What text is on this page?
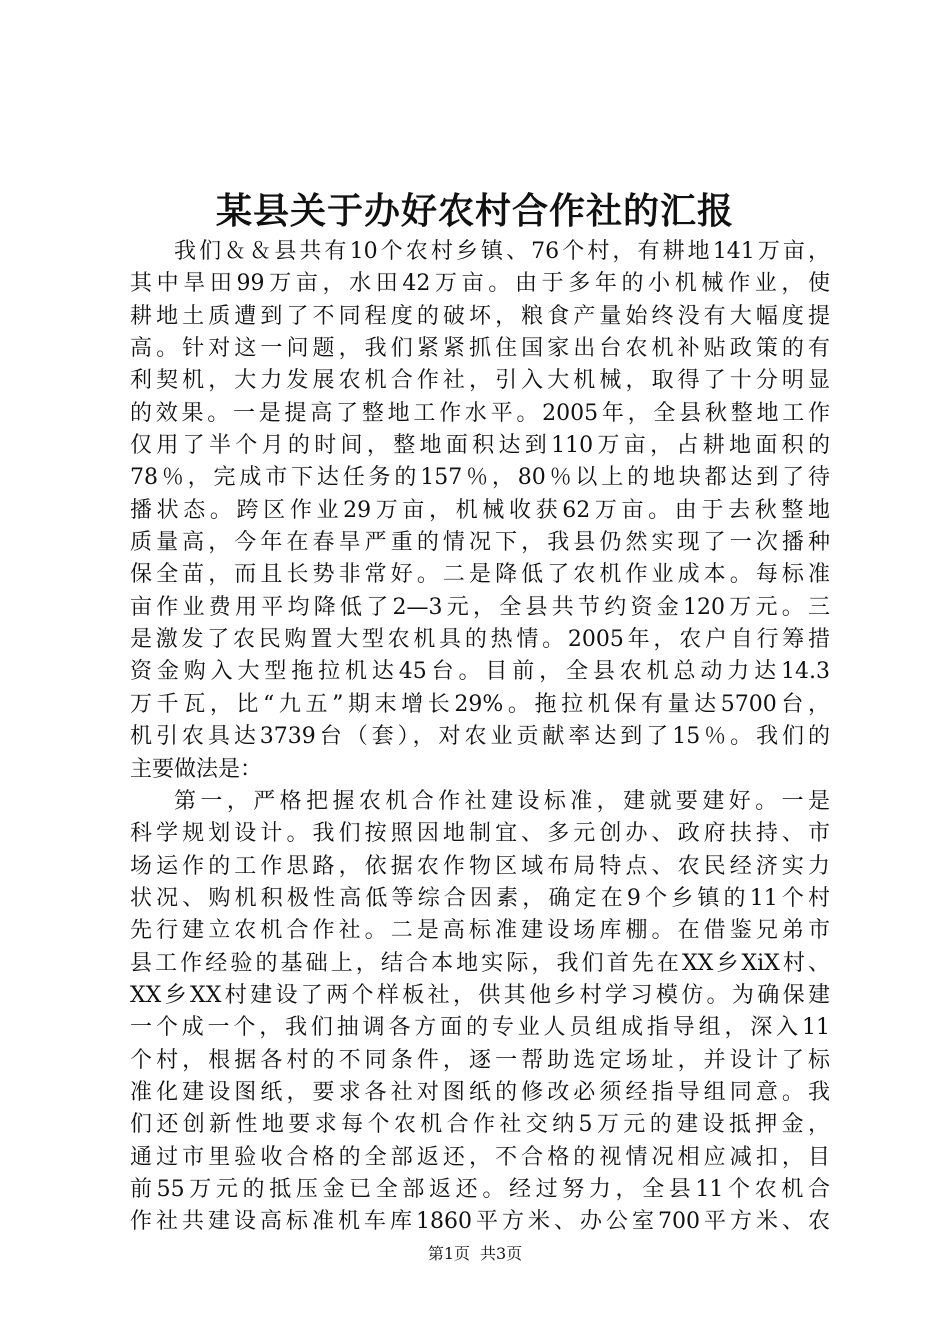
某县关于办好农村合作社的汇报
我们＆＆县共有10个农村乡镇、76个村，有耕地141万亩，
其中旱田99万亩，水田42万亩。由于多年的小机械作业，使
耕地土质遭到了不同程度的破坏，粮食产量始终没有大幅度提
高。针对这一问题，我们紧紧抓住国家出台农机补贴政策的有
利契机，大力发展农机合作社，引入大机械，取得了十分明显
的效果。一是提高了整地工作水平。2005年，全县秋整地工作
仅用了半个月的时间，整地面积达到110万亩，占耕地面积的
78％，完成市下达任务的157％，80％以上的地块都达到了待
播状态。跨区作业29万亩，机械收获62万亩。由于去秋整地
质量高，今年在春旱严重的情况下，我县仍然实现了一次播种
保全苗，而且长势非常好。二是降低了农机作业成本。每标准
亩作业费用平均降低了2—3元，全县共节约资金120万元。三
是激发了农民购置大型农机具的热情。2005年，农户自行筹措
资金购入大型拖拉机达45台。目前，全县农机总动力达14.3
万千瓦，比“九五”期末增长29%。拖拉机保有量达5700台，
机引农具达3739台（套），对农业贡献率达到了15％。我们的
主要做法是：
第一，严格把握农机合作社建设标准，建就要建好。一是
科学规划设计。我们按照因地制宜、多元创办、政府扶持、市
场运作的工作思路，依据农作物区域布局特点、农民经济实力
状况、购机积极性高低等综合因素，确定在9个乡镇的11个村
先行建立农机合作社。二是高标准建设场库棚。在借鉴兄弟市
县工作经验的基础上，结合本地实际，我们首先在XX乡XiX村、
XX乡XX村建设了两个样板社，供其他乡村学习模仿。为确保建
一个成一个，我们抽调各方面的专业人员组成指导组，深入11
个村，根据各村的不同条件，逐一帮助选定场址，并设计了标
准化建设图纸，要求各社对图纸的修改必须经指导组同意。我
们还创新性地要求每个农机合作社交纳5万元的建设抵押金，
通过市里验收合格的全部返还，不合格的视情况相应减扣，目
前55万元的抵压金已全部返还。经过努力，全县11个农机合
作社共建设高标准机车库1860平方米、办公室700平方米、农
第1页 共3页
